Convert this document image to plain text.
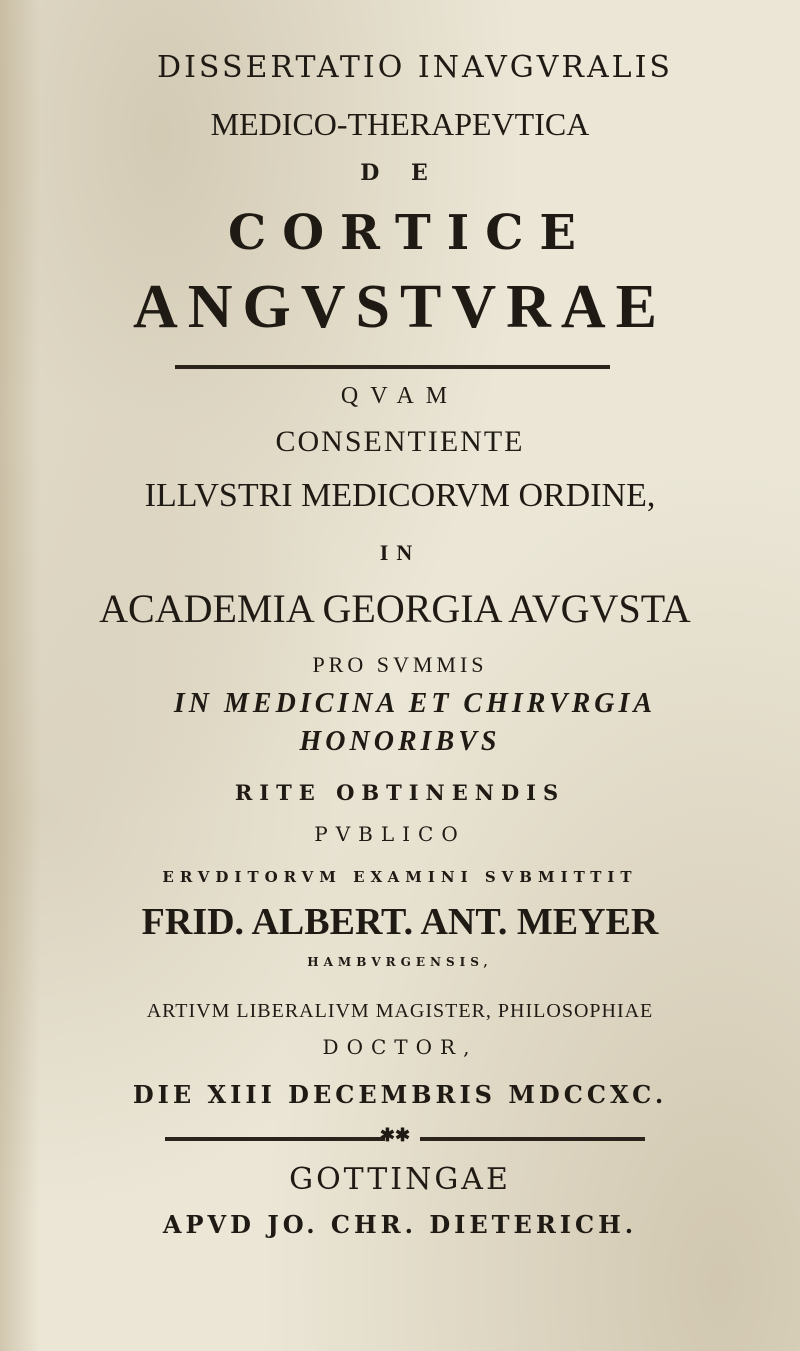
DISSERTATIO INAVGVRALIS
MEDICO-THERAPEVTICA
D E
CORTICE
ANGVSTVRAE
QVAM
CONSENTIENTE
ILLVSTRI MEDICORVM ORDINE,
IN
ACADEMIA GEORGIA AVGVSTA
PRO SVMMIS
IN MEDICINA ET CHIRVRGIA
HONORIBVS
RITE OBTINENDIS
PVBLICO
ERVDITORVM EXAMINI SVBMITTIT
FRID. ALBERT. ANT. MEYER
HAMBVRGENSIS,
ARTIVM LIBERALIVM MAGISTER, PHILOSOPHIAE
DOCTOR,
DIE XIII DECEMBRIS MDCCXC.
✱✱
GOTTINGAE
APVD JO. CHR. DIETERICH.
